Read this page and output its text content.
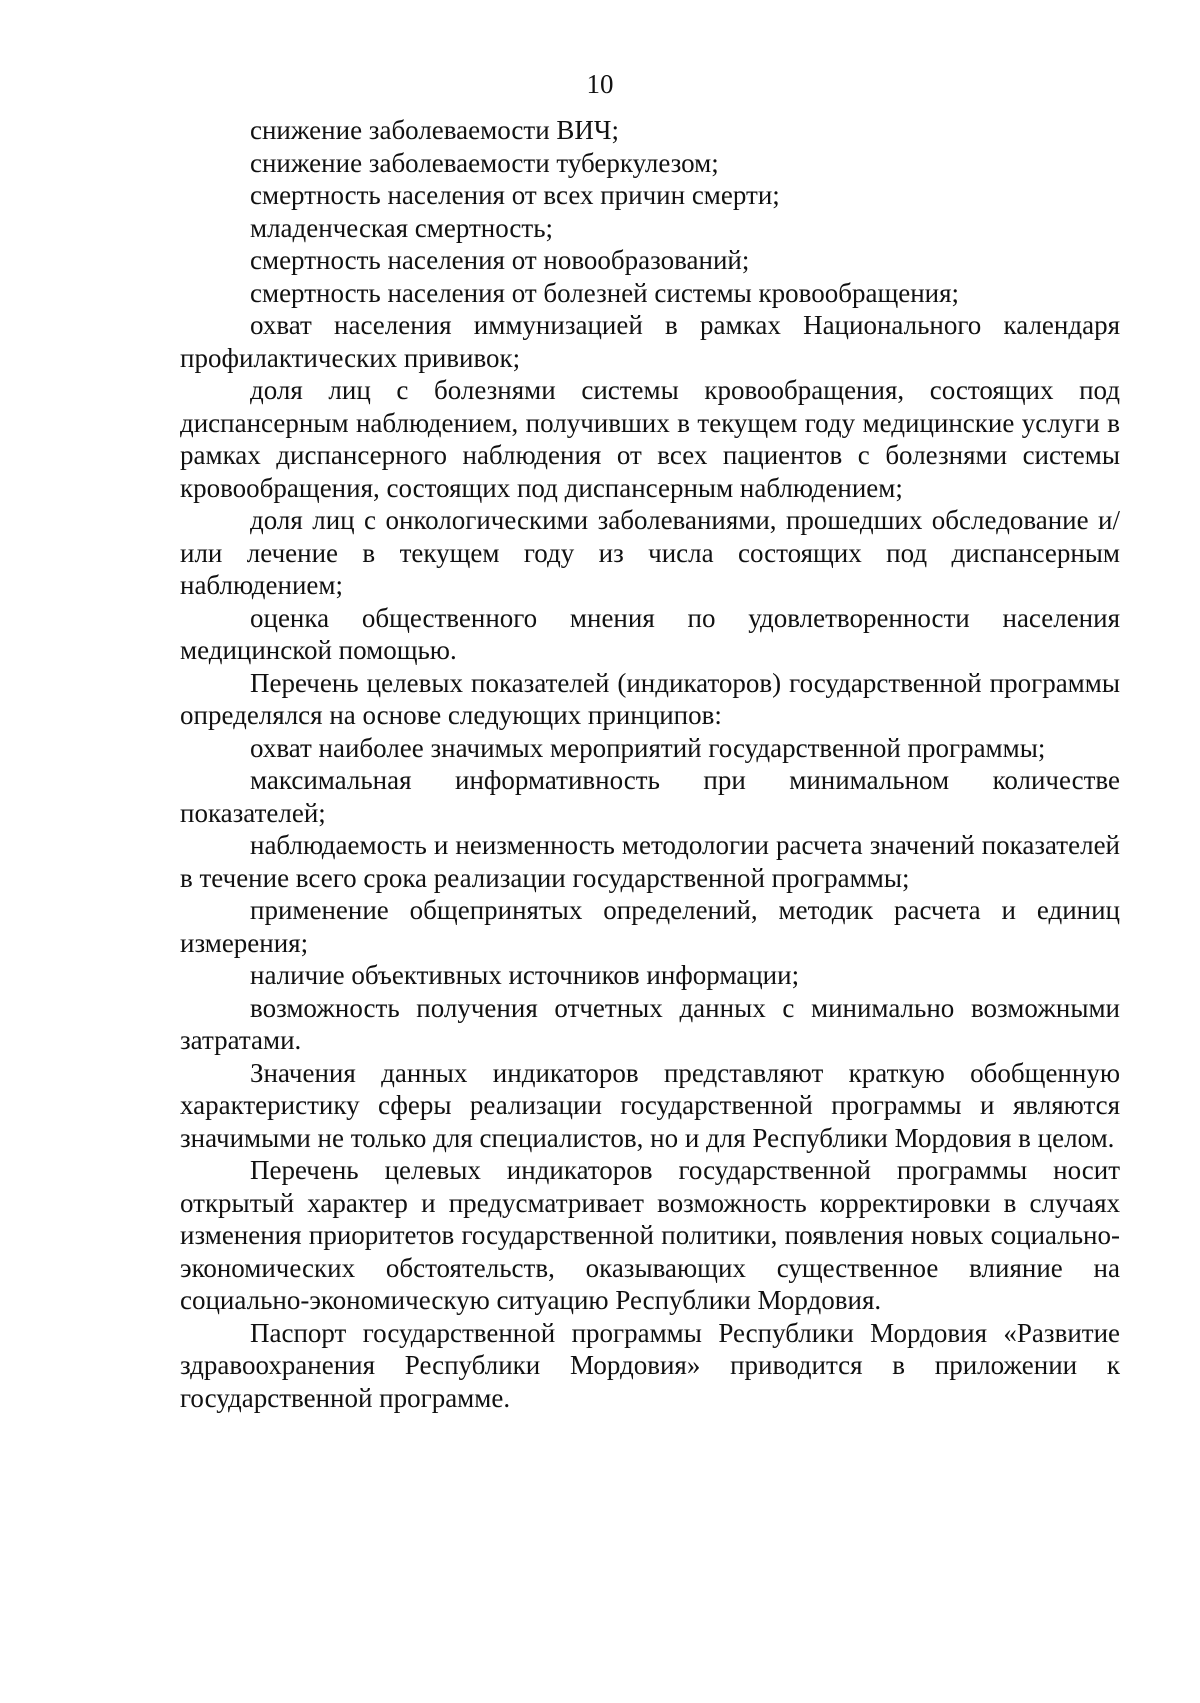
10

снижение заболеваемости ВИЧ;

снижение заболеваемости туберкулезом;

смертность населения от всех причин смерти;

младенческая смертность;

смертность населения от новообразований;

смертность населения от болезней системы кровообращения;

охват населения иммунизацией в рамках Национального календаря профилактических прививок;

доля лиц с болезнями системы кровообращения, состоящих под диспансерным наблюдением, получивших в текущем году медицинские услуги в рамках диспансерного наблюдения от всех пациентов с болезнями системы кровообращения, состоящих под диспансерным наблюдением;

доля лиц с онкологическими заболеваниями, прошедших обследование и/или лечение в текущем году из числа состоящих под диспансерным наблюдением;

оценка общественного мнения по удовлетворенности населения медицинской помощью.

Перечень целевых показателей (индикаторов) государственной программы определялся на основе следующих принципов:

охват наиболее значимых мероприятий государственной программы;

максимальная информативность при минимальном количестве показателей;

наблюдаемость и неизменность методологии расчета значений показателей в течение всего срока реализации государственной программы;

применение общепринятых определений, методик расчета и единиц измерения;

наличие объективных источников информации;

возможность получения отчетных данных с минимально возможными затратами.

Значения данных индикаторов представляют краткую обобщенную характеристику сферы реализации государственной программы и являются значимыми не только для специалистов, но и для Республики Мордовия в целом.

Перечень целевых индикаторов государственной программы носит открытый характер и предусматривает возможность корректировки в случаях изменения приоритетов государственной политики, появления новых социально-экономических обстоятельств, оказывающих существенное влияние на социально-экономическую ситуацию Республики Мордовия.

Паспорт государственной программы Республики Мордовия «Развитие здравоохранения Республики Мордовия» приводится в приложении к государственной программе.
